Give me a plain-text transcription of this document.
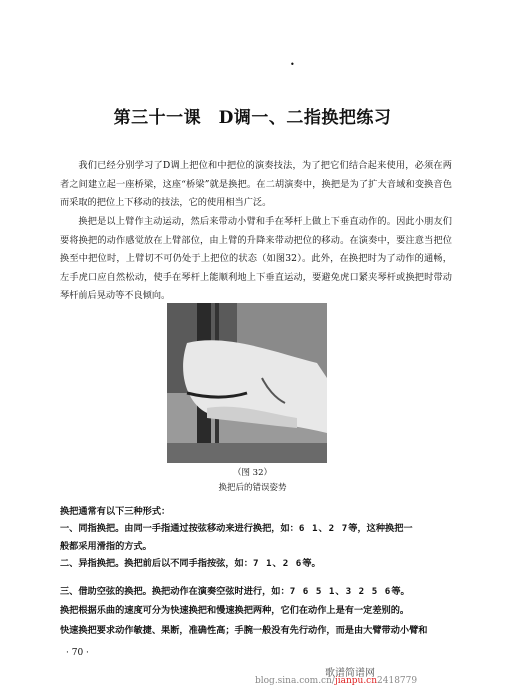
•
第三十一课　D调一、二指换把练习

我们已经分别学习了D调上把位和中把位的演奏技法，为了把它们结合起来使用，必须在两者之间建立起一座桥梁，这座“桥梁”就是换把。在二胡演奏中，换把是为了扩大音域和变换音色而采取的把位上下移动的技法，它的使用相当广泛。

换把是以上臂作主动运动，然后来带动小臂和手在琴杆上做上下垂直动作的。因此小朋友们要将换把的动作感觉放在上臂部位，由上臂的升降来带动把位的移动。在演奏中，要注意当把位换至中把位时，上臂切不可仍处于上把位的状态（如图32）。此外，在换把时为了动作的通畅，左手虎口应自然松动，使手在琴杆上能顺利地上下垂直运动，要避免虎口紧夹琴杆或换把时带动琴杆前后晃动等不良倾向。

（图 32）
换把后的错误姿势
换把通常有以下三种形式：
一、同指换把。由同一手指通过按弦移动来进行换把，如：6 1、2 7等，这种换把一
般都采用滑指的方式。
二、异指换把。换把前后以不同手指按弦，如：7 1、2 6等。
三、借助空弦的换把。换把动作在演奏空弦时进行，如：7 6 5 1、3 2 5 6等。
换把根据乐曲的速度可分为快速换把和慢速换把两种，它们在动作上是有一定差别的。
快速换把要求动作敏捷、果断，准确性高；手腕一般没有先行动作，而是由大臂带动小臂和
· 70 ·
歌谱简谱网
blog.sina.com.cn/jianpu.cn2418779
